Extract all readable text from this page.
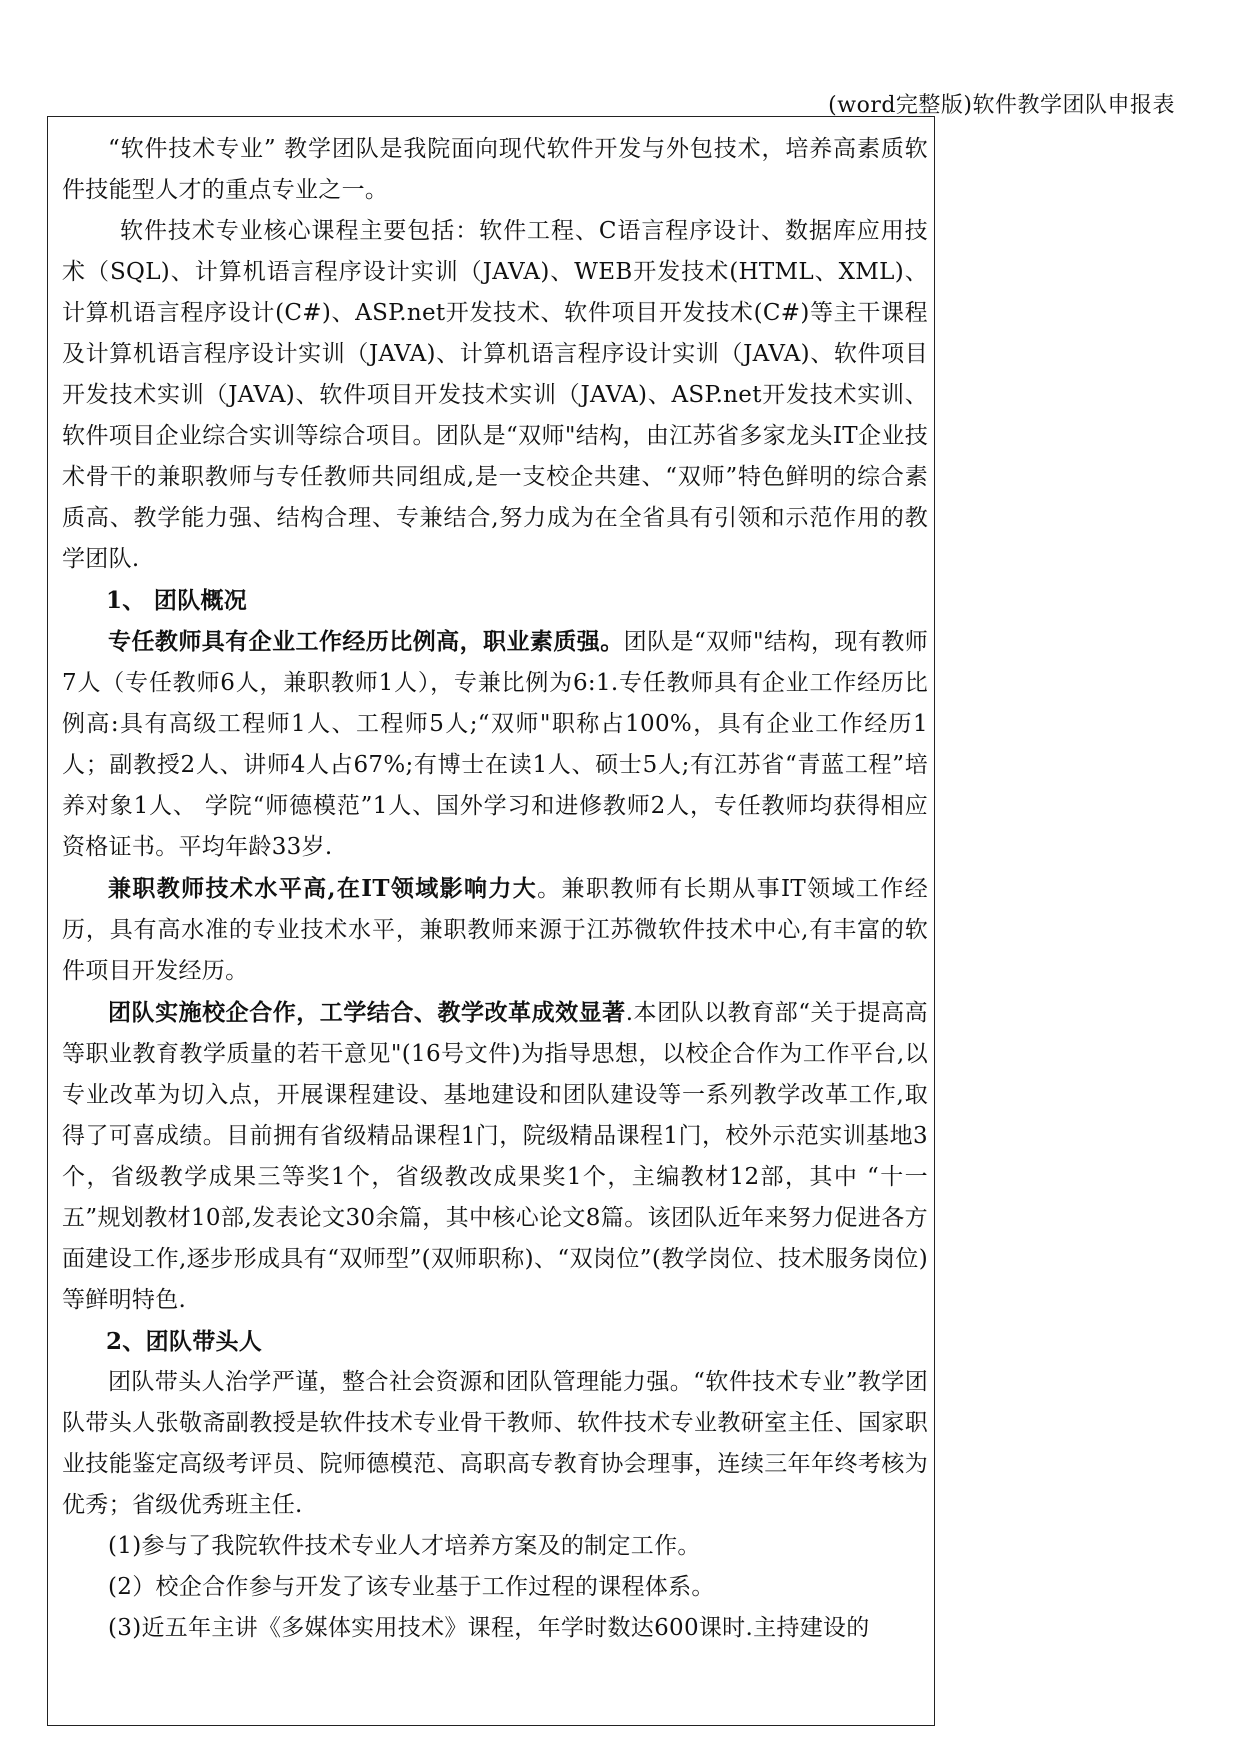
(word完整版)软件教学团队申报表

“软件技术专业” 教学团队是我院面向现代软件开发与外包技术，培养高素质软件技能型人才的重点专业之一。

软件技术专业核心课程主要包括：软件工程、C语言程序设计、数据库应用技术（SQL)、计算机语言程序设计实训（JAVA)、WEB开发技术(HTML、XML)、计算机语言程序设计(C#)、ASP.net开发技术、软件项目开发技术(C#)等主干课程及计算机语言程序设计实训（JAVA)、计算机语言程序设计实训（JAVA)、软件项目开发技术实训（JAVA)、软件项目开发技术实训（JAVA)、ASP.net开发技术实训、软件项目企业综合实训等综合项目。团队是“双师"结构，由江苏省多家龙头IT企业技术骨干的兼职教师与专任教师共同组成,是一支校企共建、“双师”特色鲜明的综合素质高、教学能力强、结构合理、专兼结合,努力成为在全省具有引领和示范作用的教学团队.

1、 团队概况

专任教师具有企业工作经历比例高，职业素质强。团队是“双师"结构，现有教师7人（专任教师6人，兼职教师1人），专兼比例为6:1.专任教师具有企业工作经历比例高:具有高级工程师1人、工程师5人;“双师"职称占100%，具有企业工作经历1人；副教授2人、讲师4人占67%;有博士在读1人、硕士5人;有江苏省“青蓝工程”培养对象1人、 学院“师德模范”1人、国外学习和进修教师2人，专任教师均获得相应资格证书。平均年龄33岁.

兼职教师技术水平高,在IT领域影响力大。兼职教师有长期从事IT领域工作经历，具有高水准的专业技术水平，兼职教师来源于江苏微软件技术中心,有丰富的软件项目开发经历。

团队实施校企合作，工学结合、教学改革成效显著.本团队以教育部“关于提高高等职业教育教学质量的若干意见"(16号文件)为指导思想，以校企合作为工作平台,以专业改革为切入点，开展课程建设、基地建设和团队建设等一系列教学改革工作,取得了可喜成绩。目前拥有省级精品课程1门，院级精品课程1门，校外示范实训基地3个，省级教学成果三等奖1个，省级教改成果奖1个，主编教材12部，其中 “十一五”规划教材10部,发表论文30余篇，其中核心论文8篇。该团队近年来努力促进各方面建设工作,逐步形成具有“双师型”(双师职称)、“双岗位”(教学岗位、技术服务岗位)等鲜明特色.

2、团队带头人

团队带头人治学严谨，整合社会资源和团队管理能力强。“软件技术专业”教学团队带头人张敬斋副教授是软件技术专业骨干教师、软件技术专业教研室主任、国家职业技能鉴定高级考评员、院师德模范、高职高专教育协会理事，连续三年年终考核为优秀；省级优秀班主任.

(1)参与了我院软件技术专业人才培养方案及的制定工作。

(2）校企合作参与开发了该专业基于工作过程的课程体系。

(3)近五年主讲《多媒体实用技术》课程，年学时数达600课时.主持建设的
